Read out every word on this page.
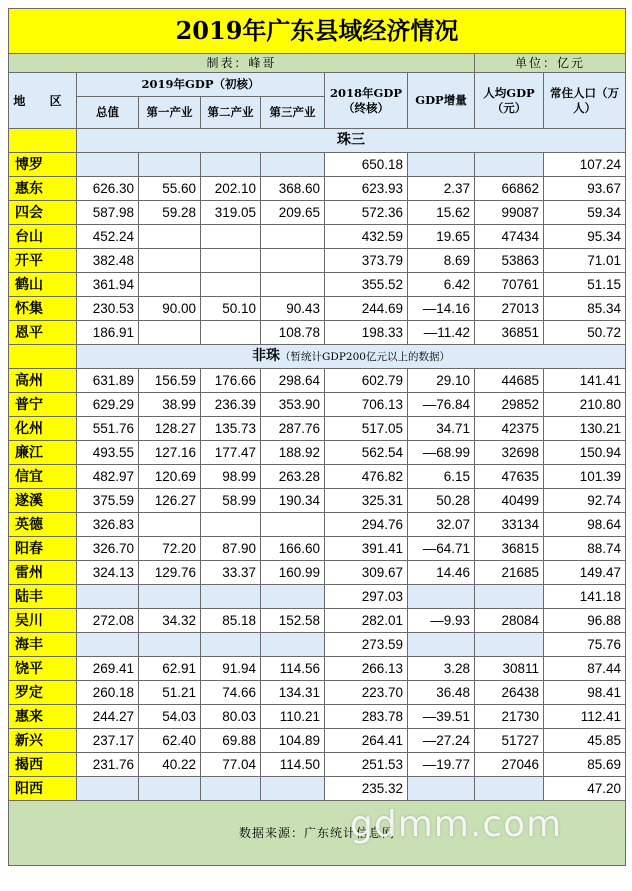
2019年广东县域经济情况								
制表：峰哥							单位：亿元	
地 区	2019年GDP（初核）				2018年GDP（终核）	GDP增量	人均GDP（元）	常住人口（万人）
	总值	第一产业	第二产业	第三产业				
	珠三							
博罗					650.18			107.24
惠东	626.30	55.60	202.10	368.60	623.93	2.37	66862	93.67
四会	587.98	59.28	319.05	209.65	572.36	15.62	99087	59.34
台山	452.24				432.59	19.65	47434	95.34
开平	382.48				373.79	8.69	53863	71.01
鹤山	361.94				355.52	6.42	70761	51.15
怀集	230.53	90.00	50.10	90.43	244.69	—14.16	27013	85.34
恩平	186.91			108.78	198.33	—11.42	36851	50.72
	非珠（暂统计GDP200亿元以上的数据）							
高州	631.89	156.59	176.66	298.64	602.79	29.10	44685	141.41
普宁	629.29	38.99	236.39	353.90	706.13	—76.84	29852	210.80
化州	551.76	128.27	135.73	287.76	517.05	34.71	42375	130.21
廉江	493.55	127.16	177.47	188.92	562.54	—68.99	32698	150.94
信宜	482.97	120.69	98.99	263.28	476.82	6.15	47635	101.39
遂溪	375.59	126.27	58.99	190.34	325.31	50.28	40499	92.74
英德	326.83				294.76	32.07	33134	98.64
阳春	326.70	72.20	87.90	166.60	391.41	—64.71	36815	88.74
雷州	324.13	129.76	33.37	160.99	309.67	14.46	21685	149.47
陆丰					297.03			141.18
吴川	272.08	34.32	85.18	152.58	282.01	—9.93	28084	96.88
海丰					273.59			75.76
饶平	269.41	62.91	91.94	114.56	266.13	3.28	30811	87.44
罗定	260.18	51.21	74.66	134.31	223.70	36.48	26438	98.41
惠来	244.27	54.03	80.03	110.21	283.78	—39.51	21730	112.41
新兴	237.17	62.40	69.88	104.89	264.41	—27.24	51727	45.85
揭西	231.76	40.22	77.04	114.50	251.53	—19.77	27046	85.69
阳西					235.32			47.20
数据来源：广东统计信息网								
gdmm.com
